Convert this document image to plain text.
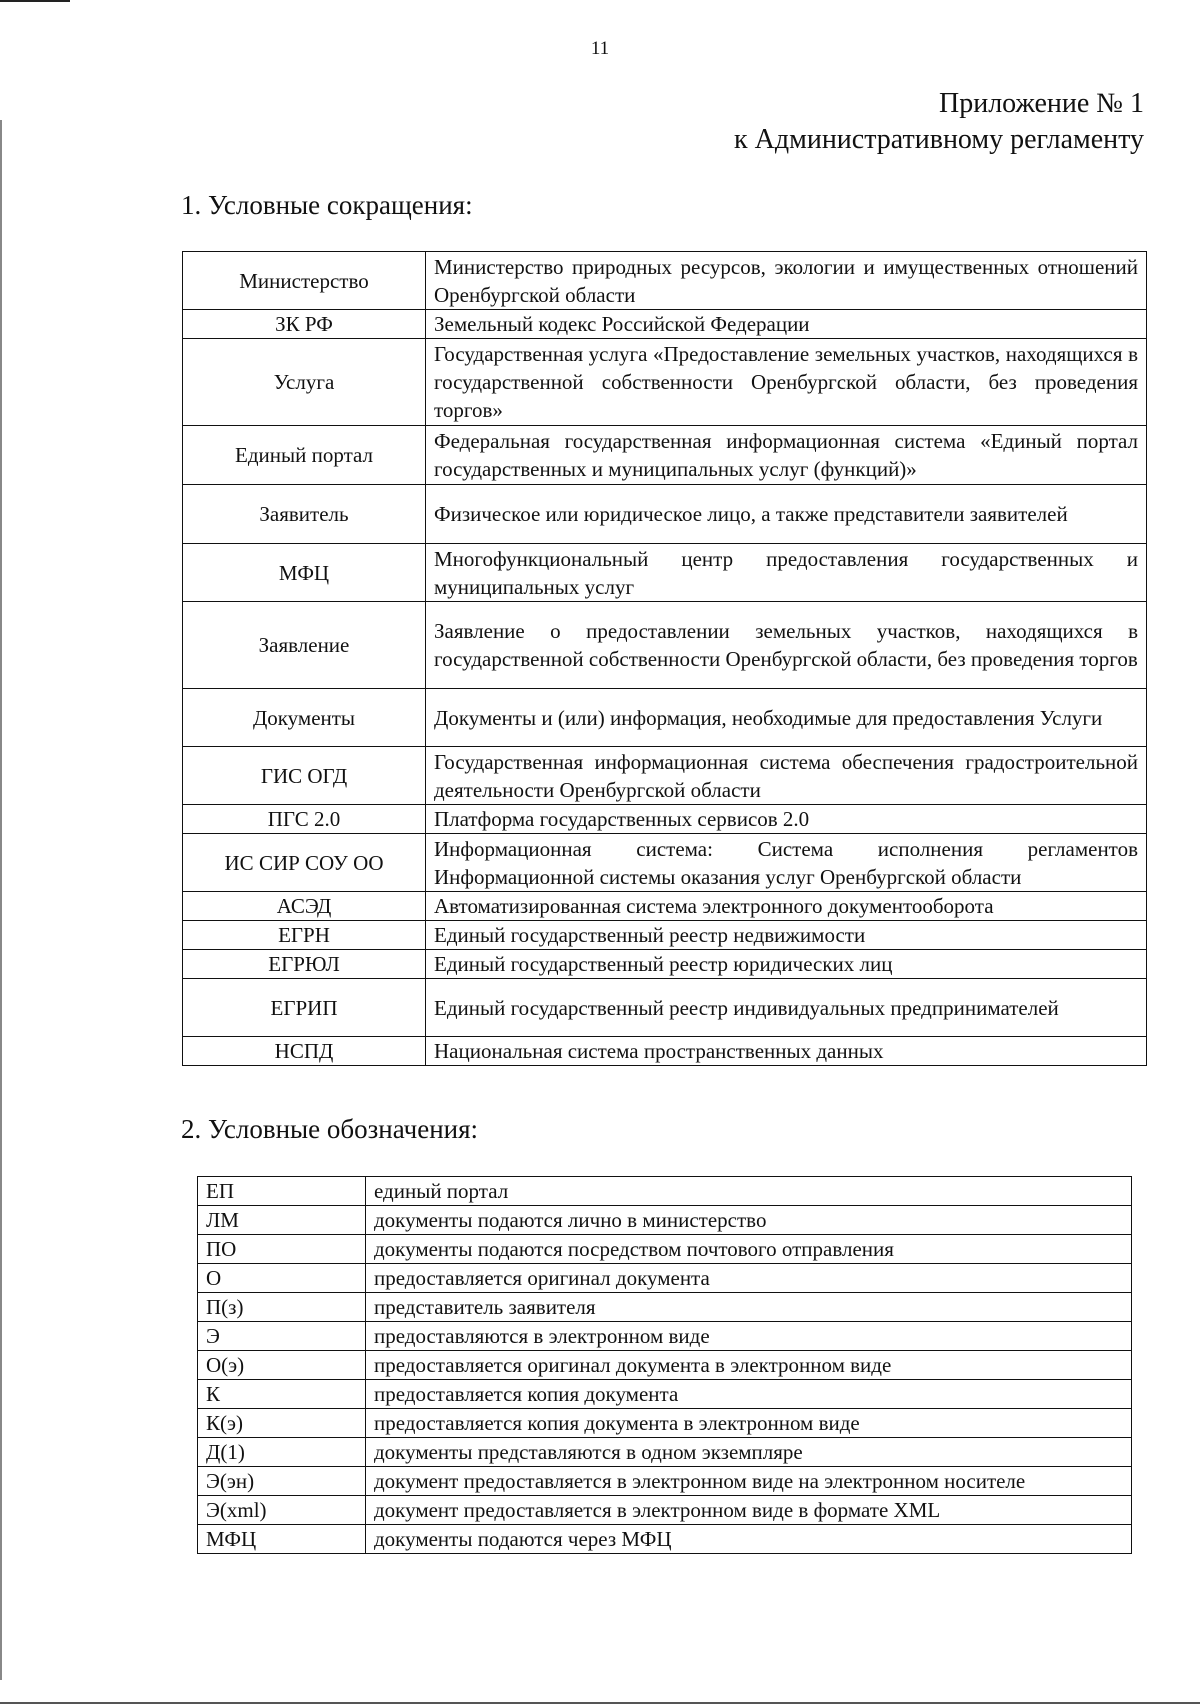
11
Приложение № 1
к Административному регламенту
1. Условные сокращения:
Министерство	Министерство природных ресурсов, экологии и имущественных отношений Оренбургской области
ЗК РФ	Земельный кодекс Российской Федерации
Услуга	Государственная услуга «Предоставление земельных участков, находящихся в государственной собственности Оренбургской области, без проведения торгов»
Единый портал	Федеральная государственная информационная система «Единый портал государственных и муниципальных услуг (функций)»
Заявитель	Физическое или юридическое лицо, а также представители заявителей
МФЦ	Многофункциональный центр предоставления государственных и муниципальных услуг
Заявление	Заявление о предоставлении земельных участков, находящихся в государственной собственности Оренбургской области, без проведения торгов
Документы	Документы и (или) информация, необходимые для предоставления Услуги
ГИС ОГД	Государственная информационная система обеспечения градостроительной деятельности Оренбургской области
ПГС 2.0	Платформа государственных сервисов 2.0
ИС СИР СОУ ОО	Информационная система: Система исполнения регламентов Информационной системы оказания услуг Оренбургской области
АСЭД	Автоматизированная система электронного документооборота
ЕГРН	Единый государственный реестр недвижимости
ЕГРЮЛ	Единый государственный реестр юридических лиц
ЕГРИП	Единый государственный реестр индивидуальных предпринимателей
НСПД	Национальная система пространственных данных
2. Условные обозначения:
ЕП	единый портал
ЛМ	документы подаются лично в министерство
ПО	документы подаются посредством почтового отправления
О	предоставляется оригинал документа
П(з)	представитель заявителя
Э	предоставляются в электронном виде
О(э)	предоставляется оригинал документа в электронном виде
К	предоставляется копия документа
К(э)	предоставляется копия документа в электронном виде
Д(1)	документы представляются в одном экземпляре
Э(эн)	документ предоставляется в электронном виде на электронном носителе
Э(xml)	документ предоставляется в электронном виде в формате XML
МФЦ	документы подаются через МФЦ
